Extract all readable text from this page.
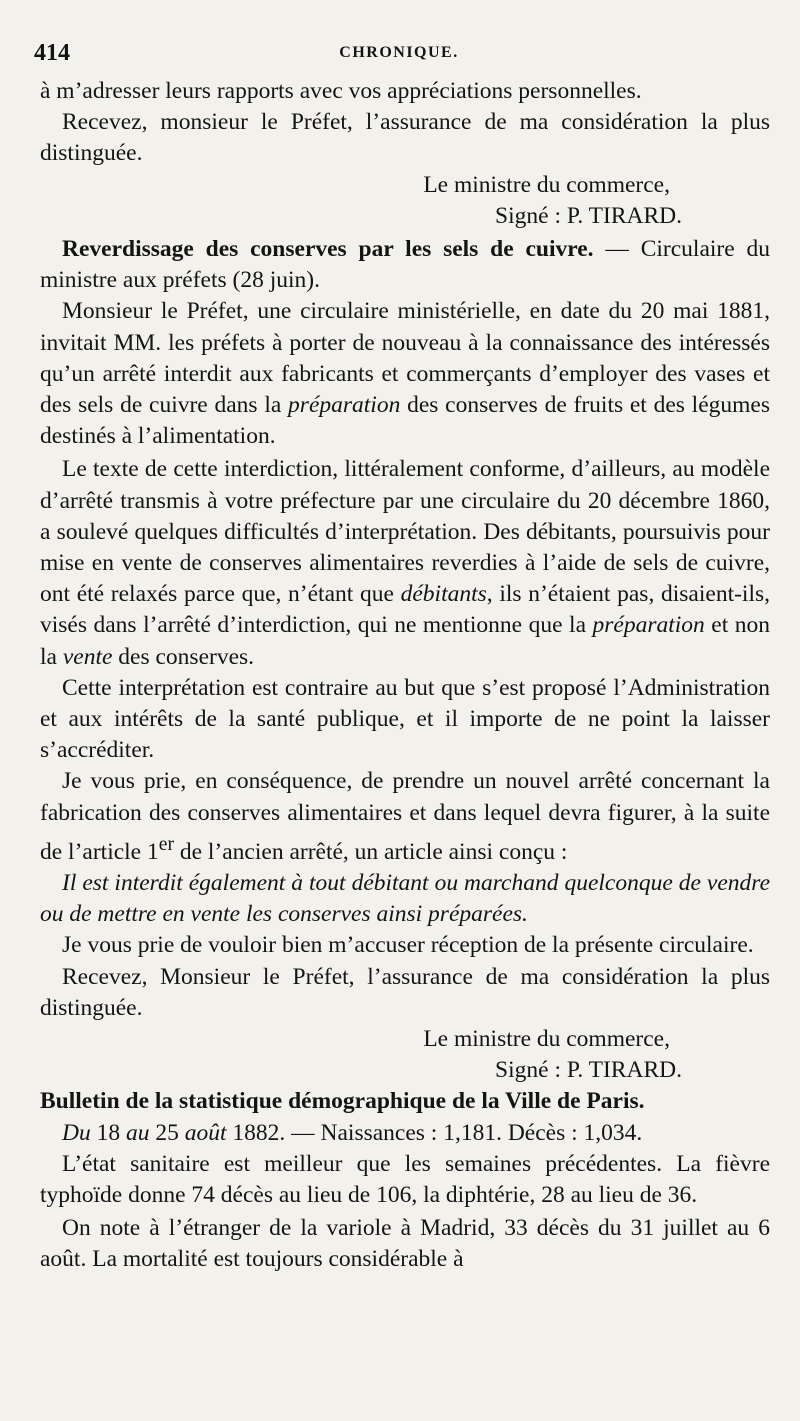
414	CHRONIQUE.

à m’adresser leurs rapports avec vos appréciations personnelles.

Recevez, monsieur le Préfet, l’assurance de ma considération la plus distinguée.

Le ministre du commerce,

Signé : P. TIRARD.

Reverdissage des conserves par les sels de cuivre. — Circulaire du ministre aux préfets (28 juin).

Monsieur le Préfet, une circulaire ministérielle, en date du 20 mai 1881, invitait MM. les préfets à porter de nouveau à la connaissance des intéressés qu’un arrêté interdit aux fabricants et commerçants d’employer des vases et des sels de cuivre dans la préparation des conserves de fruits et des légumes destinés à l’alimentation.

Le texte de cette interdiction, littéralement conforme, d’ailleurs, au modèle d’arrêté transmis à votre préfecture par une circulaire du 20 décembre 1860, a soulevé quelques difficultés d’interprétation. Des débitants, poursuivis pour mise en vente de conserves alimentaires reverdies à l’aide de sels de cuivre, ont été relaxés parce que, n’étant que débitants, ils n’étaient pas, disaient-ils, visés dans l’arrêté d’interdiction, qui ne mentionne que la préparation et non la vente des conserves.

Cette interprétation est contraire au but que s’est proposé l’Administration et aux intérêts de la santé publique, et il importe de ne point la laisser s’accréditer.

Je vous prie, en conséquence, de prendre un nouvel arrêté concernant la fabrication des conserves alimentaires et dans lequel devra figurer, à la suite de l’article 1er de l’ancien arrêté, un article ainsi conçu :

Il est interdit également à tout débitant ou marchand quelconque de vendre ou de mettre en vente les conserves ainsi préparées.

Je vous prie de vouloir bien m’accuser réception de la présente circulaire.

Recevez, Monsieur le Préfet, l’assurance de ma considération la plus distinguée.

Le ministre du commerce,

Signé : P. TIRARD.

Bulletin de la statistique démographique de la Ville de Paris.

Du 18 au 25 août 1882. — Naissances : 1,181. Décès : 1,034.

L’état sanitaire est meilleur que les semaines précédentes. La fièvre typhoïde donne 74 décès au lieu de 106, la diphtérie, 28 au lieu de 36.

On note à l’étranger de la variole à Madrid, 33 décès du 31 juillet au 6 août. La mortalité est toujours considérable à
